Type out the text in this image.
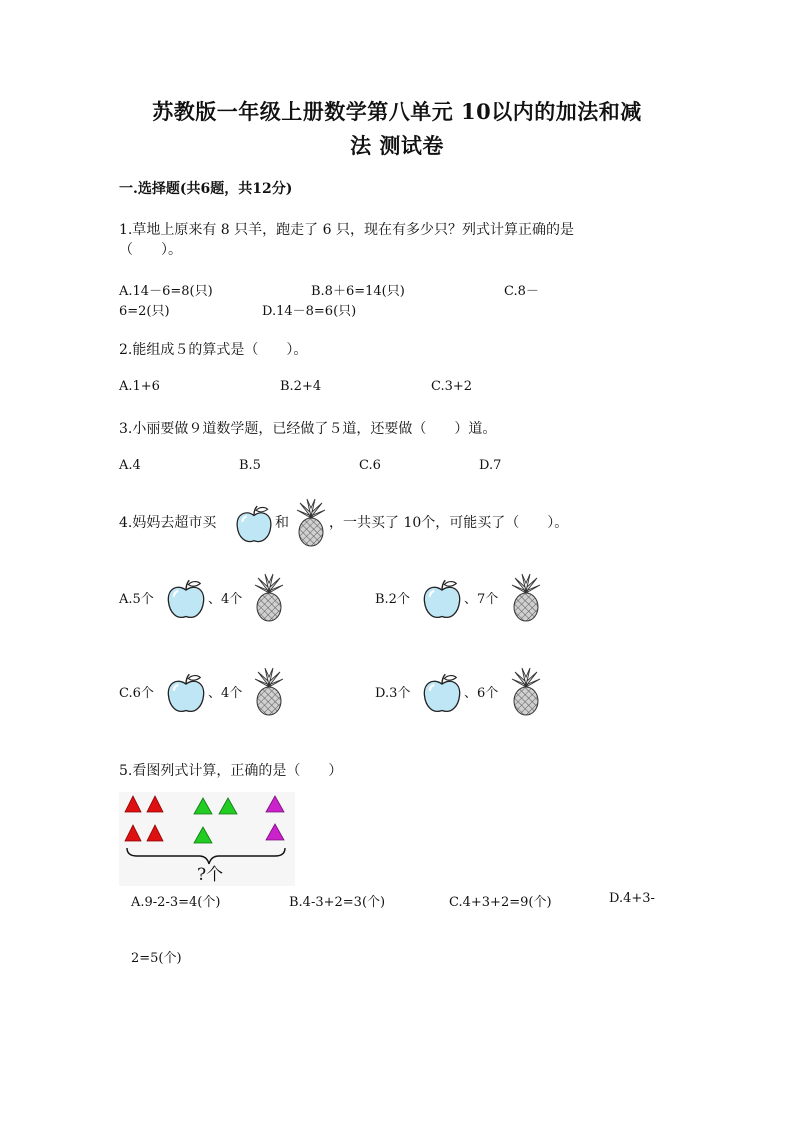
苏教版一年级上册数学第八单元 10以内的加法和减
法 测试卷
一.选择题(共6题，共12分)
1.草地上原来有 8 只羊，跑走了 6 只，现在有多少只？列式计算正确的是
（　　）。
A.14－6=8(只)	B.8＋6=14(只)	C.8－
6=2(只)	D.14－8=6(只)
2.能组成５的算式是（　　）。
A.1+6	B.2+4	C.3+2
3.小丽要做９道数学题，已经做了５道，还要做（　　）道。
A.4	B.5	C.6	D.7
4.妈妈去超市买	和	，一共买了 10个，可能买了（　　）。
A.5个	、4个	B.2个	、7个
C.6个	、4个	D.3个	、6个
5.看图列式计算，正确的是（　　）
?个
A.9-2-3=4(个)	B.4-3+2=3(个)	C.4+3+2=9(个)	D.4+3-
2=5(个)
